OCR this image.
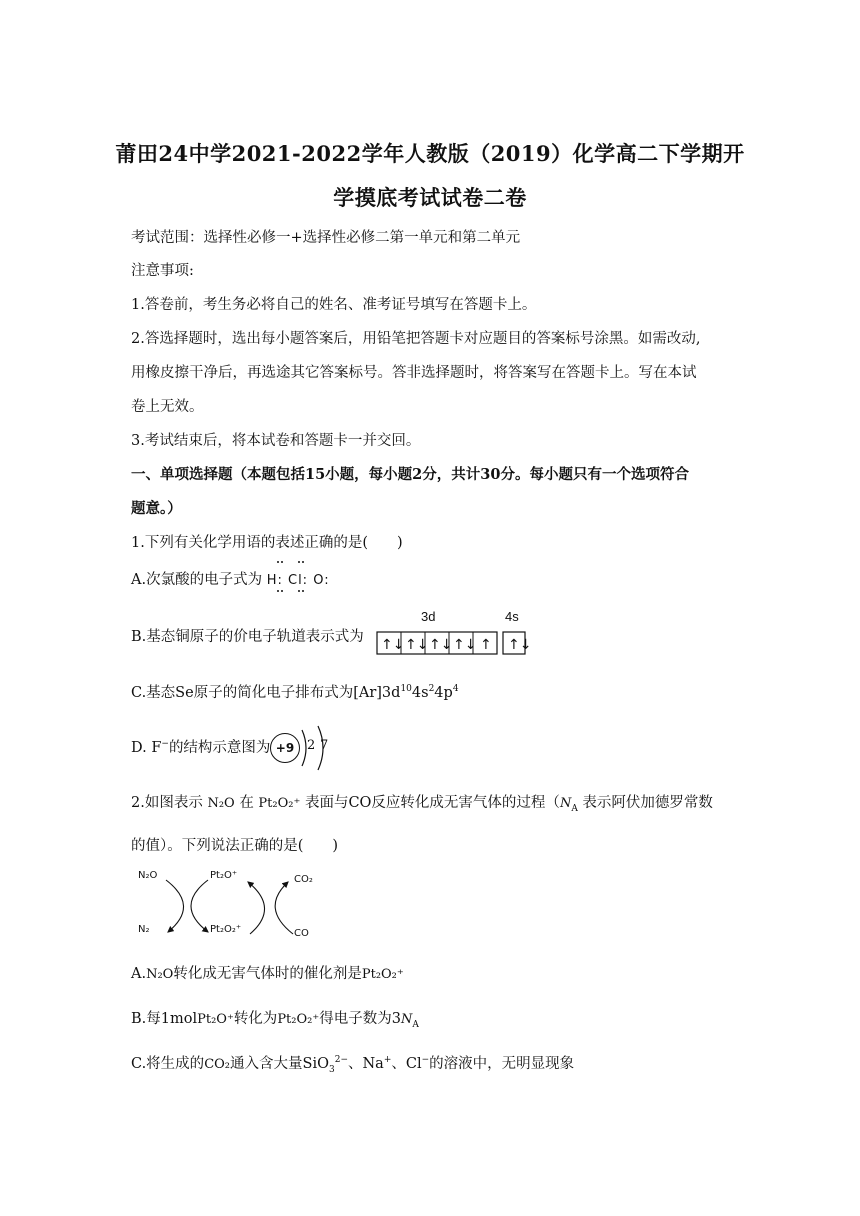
莆田24中学2021-2022学年人教版（2019）化学高二下学期开
学摸底考试试卷二卷
考试范围：选择性必修一+选择性必修二第一单元和第二单元
注意事项:
1.答卷前，考生务必将自己的姓名、准考证号填写在答题卡上。
2.答选择题时，选出每小题答案后，用铅笔把答题卡对应题目的答案标号涂黑。如需改动,
用橡皮擦干净后，再选途其它答案标号。答非选择题时，将答案写在答题卡上。写在本试
卷上无效。
3.考试结束后，将本试卷和答题卡一并交回。
一、单项选择题（本题包括15小题，每小题2分，共计30分。每小题只有一个选项符合
题意。）
1.下列有关化学用语的表述正确的是(　　)
A.次氯酸的电子式为 H: Cl: O:
B.基态铜原子的价电子轨道表示式为
3d	4s
↑↓ ↑↓ ↑↓ ↑↓ ↑ ↑↓
C.基态Se原子的简化电子排布式为$[Ar]3d^{10}4s^24p^4$
D. F−的结构示意图为 +9 2 7
2.如图表示 N₂O 在 Pt₂O₂⁺ 表面与CO反应转化成无害气体的过程（$N_A$ 表示阿伏加德罗常数
的值）。下列说法正确的是(　　)
N₂O
N₂
Pt₂O⁺
Pt₂O₂⁺
CO₂
CO
A.N₂O转化成无害气体时的催化剂是Pt₂O₂⁺
B.每1molPt₂O⁺转化为Pt₂O₂⁺得电子数为$3N_A$
C.将生成的CO₂通入含大量SiO$_3^{2-}$、Na+、Cl−的溶液中，无明显现象
